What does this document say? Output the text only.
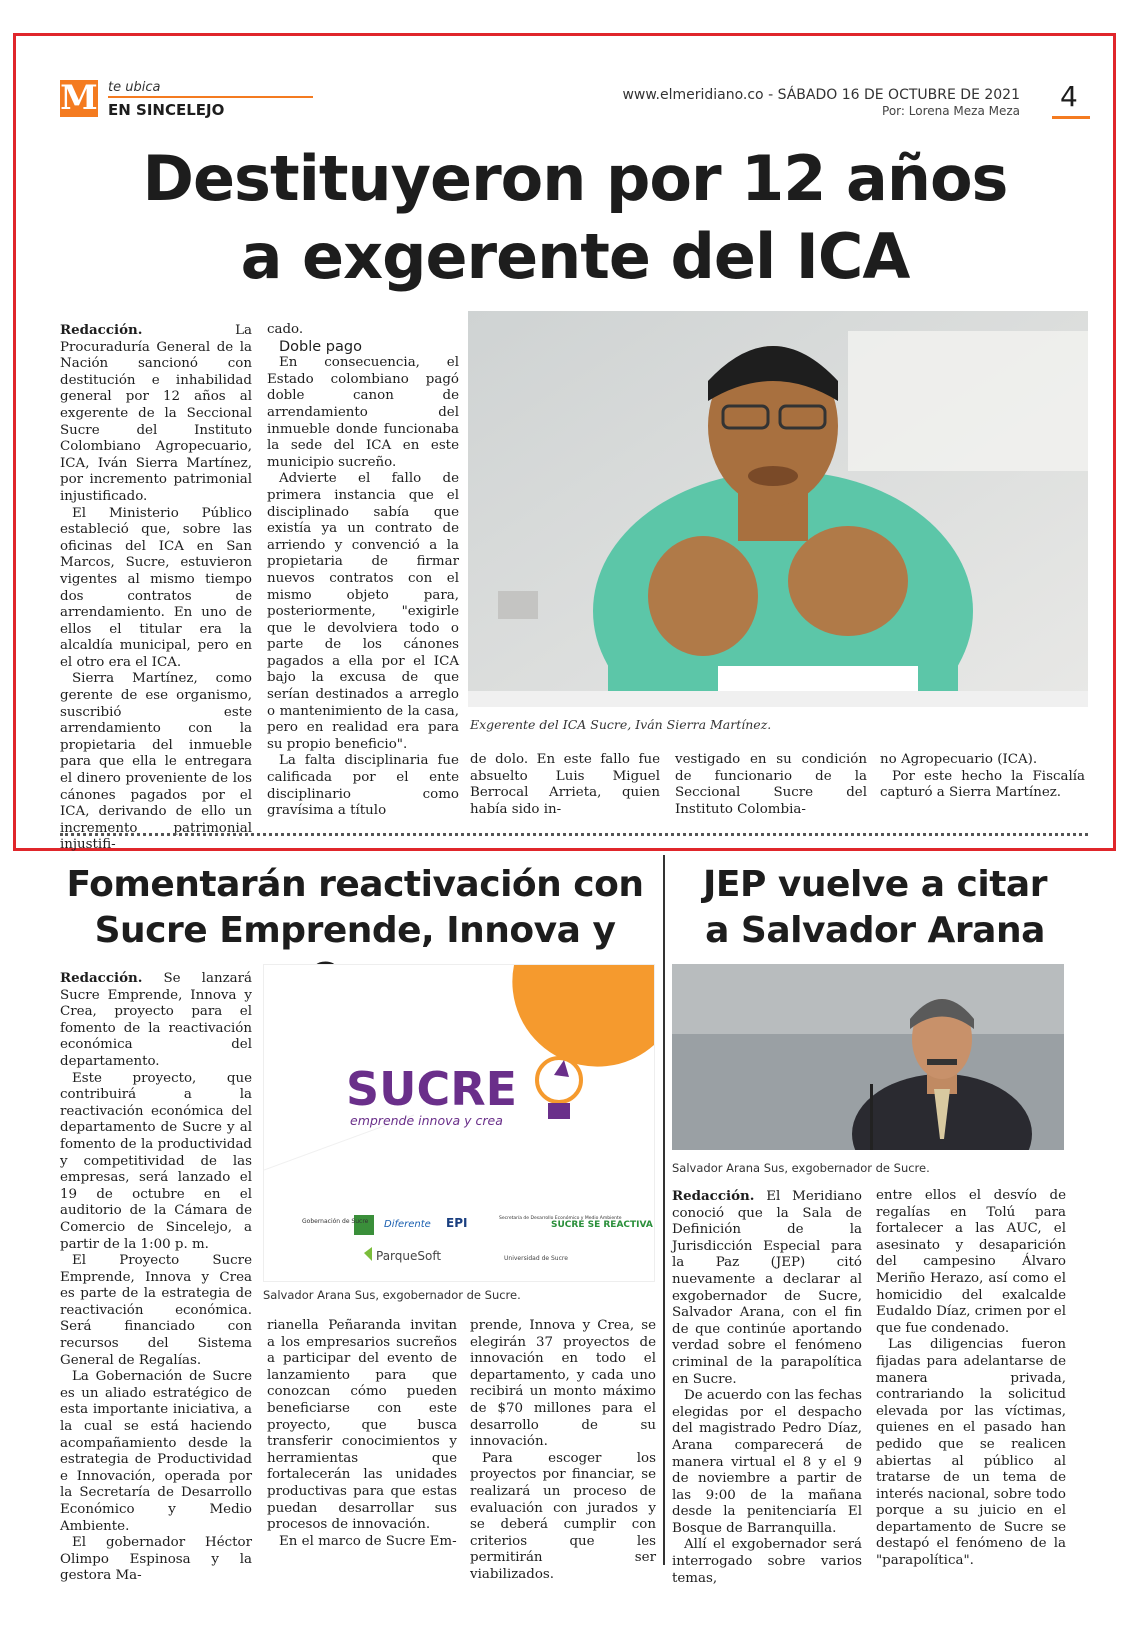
M te ubica
EN SINCELEJO
www.elmeridiano.co - SÁBADO 16 DE OCTUBRE DE 2021
Por: Lorena Meza Meza 4
Destituyeron por 12 años
a exgerente del ICA

Redacción.	La Procuraduría General de la Nación sancionó con destitución e inhabilidad general por 12 años al exgerente de la Seccional Sucre del Instituto Colombiano Agropecuario, ICA, Iván Sierra Martínez, por incremento patrimonial injustificado.

El Ministerio Público estableció que, sobre las oficinas del ICA en San Marcos, Sucre, estuvieron vigentes al mismo tiempo dos contratos de arrendamiento. En uno de ellos el titular era la alcaldía municipal, pero en el otro era el ICA.

Sierra Martínez, como gerente de ese organismo, suscribió este arrendamiento con la propietaria del inmueble para que ella le entregara el dinero proveniente de los cánones pagados por el ICA, derivando de ello un incremento patrimonial injustifi-

cado.

Doble pago

En consecuencia, el Estado colombiano pagó doble canon de arrendamiento del inmueble donde funcionaba la sede del ICA en este municipio sucreño.

Advierte el fallo de primera instancia que el disciplinado sabía que existía ya un contrato de arriendo y convenció a la propietaria de firmar nuevos contratos con el mismo objeto para, posteriormente, "exigirle que le devolviera todo o parte de los cánones pagados a ella por el ICA bajo la excusa de que serían destinados a arreglo o mantenimiento de la casa, pero en realidad era para su propio beneficio".

La falta disciplinaria fue calificada por el ente disciplinario como gravísima a título

Exgerente del ICA Sucre, Iván Sierra Martínez.

de dolo. En este fallo fue absuelto Luis Miguel Berrocal Arrieta, quien había sido in-

vestigado en su condición de funcionario de la Seccional Sucre del Instituto Colombia-

no Agropecuario (ICA).

Por este hecho la Fiscalía capturó a Sierra Martínez.

Fomentarán reactivación con
Sucre Emprende, Innova y
JEP vuelve a citar
a Salvador Arana

Redacción. Se lanzará Sucre Emprende, Innova y Crea, proyecto para el fomento de la reactivación económica del departamento.

Este proyecto, que contribuirá a la reactivación económica del departamento de Sucre y al fomento de la productividad y competitividad de las empresas, será lanzado el 19 de octubre en el auditorio de la Cámara de Comercio de Sincelejo, a partir de la 1:00 p. m.

El Proyecto Sucre Emprende, Innova y Crea es parte de la estrategia de reactivación económica. Será financiado con recursos del Sistema General de Regalías.

La Gobernación de Sucre es un aliado estratégico de esta importante iniciativa, a la cual se está haciendo acompañamiento desde la estrategia de Productividad e Innovación, operada por la Secretaría de Desarrollo Económico y Medio Ambiente.

El gobernador Héctor Olimpo Espinosa y la gestora Ma-

SUCRE
emprende innova y crea
Gobernación de Sucre Diferente EPI	Secretaría de Desarrollo Económico y Medio Ambiente
SUCRE SE REACTIVA
ParqueSoft	Universidad de Sucre
Salvador Arana Sus, exgobernador de Sucre.

rianella Peñaranda invitan a los empresarios sucreños a participar del evento de lanzamiento para que conozcan cómo pueden beneficiarse con este proyecto, que busca transferir conocimientos y herramientas que fortalecerán las unidades productivas para que estas puedan desarrollar sus procesos de innovación.

En el marco de Sucre Em-

prende, Innova y Crea, se elegirán 37 proyectos de innovación en todo el departamento, y cada uno recibirá un monto máximo de $70 millones para el desarrollo de su innovación.

Para escoger los proyectos por financiar, se realizará un proceso de evaluación con jurados y se deberá cumplir con criterios que les permitirán ser viabilizados.

Salvador Arana Sus, exgobernador de Sucre.

Redacción. El Meridiano conoció que la Sala de Definición de la Jurisdicción Especial para la Paz (JEP) citó nuevamente a declarar al exgobernador de Sucre, Salvador Arana, con el fin de que continúe aportando verdad sobre el fenómeno criminal de la parapolítica en Sucre.

De acuerdo con las fechas elegidas por el despacho del magistrado Pedro Díaz, Arana comparecerá de manera virtual el 8 y el 9 de noviembre a partir de las 9:00 de la mañana desde la penitenciaría El Bosque de Barranquilla.

Allí el exgobernador será interrogado sobre varios temas,

entre ellos el desvío de regalías en Tolú para fortalecer a las AUC, el asesinato y desaparición del campesino Álvaro Meriño Herazo, así como el homicidio del exalcalde Eudaldo Díaz, crimen por el que fue condenado.

Las diligencias fueron fijadas para adelantarse de manera privada, contrariando la solicitud elevada por las víctimas, quienes en el pasado han pedido que se realicen abiertas al público al tratarse de un tema de interés nacional, sobre todo porque a su juicio en el departamento de Sucre se destapó el fenómeno de la "parapolítica".
